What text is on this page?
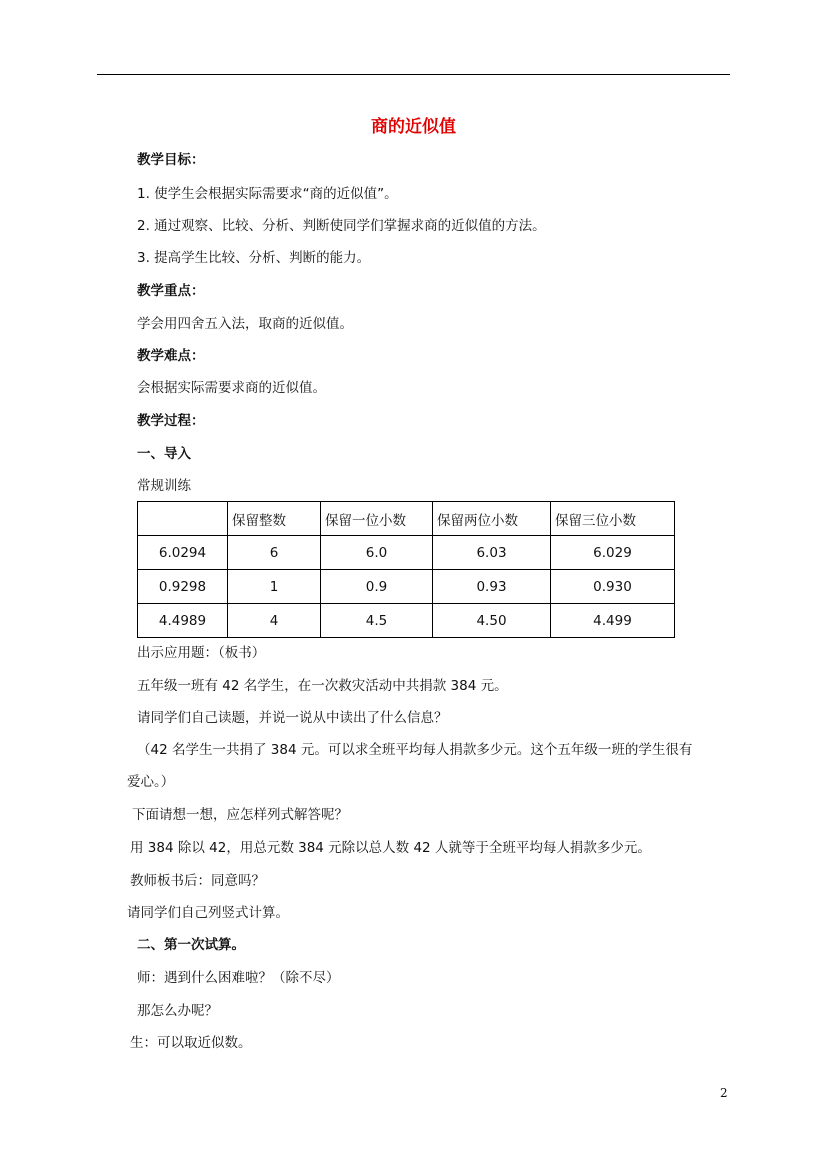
商的近似值
教学目标：
1. 使学生会根据实际需要求“商的近似值”。
2. 通过观察、比较、分析、判断使同学们掌握求商的近似值的方法。
3. 提高学生比较、分析、判断的能力。
教学重点：
学会用四舍五入法，取商的近似值。
教学难点：
会根据实际需要求商的近似值。
教学过程：
一、导入
常规训练
	保留整数	保留一位小数	保留两位小数	保留三位小数
6.0294	6	6.0	6.03	6.029
0.9298	1	0.9	0.93	0.930
4.4989	4	4.5	4.50	4.499
出示应用题：（板书）
五年级一班有 42 名学生，在一次救灾活动中共捐款 384 元。
请同学们自己读题，并说一说从中读出了什么信息？
（42 名学生一共捐了 384 元。可以求全班平均每人捐款多少元。这个五年级一班的学生很有
爱心。）
下面请想一想，应怎样列式解答呢？
用 384 除以 42，用总元数 384 元除以总人数 42 人就等于全班平均每人捐款多少元。
教师板书后：同意吗？
请同学们自己列竖式计算。
二、第一次试算。
师：遇到什么困难啦？（除不尽）
那怎么办呢？
生：可以取近似数。
2
